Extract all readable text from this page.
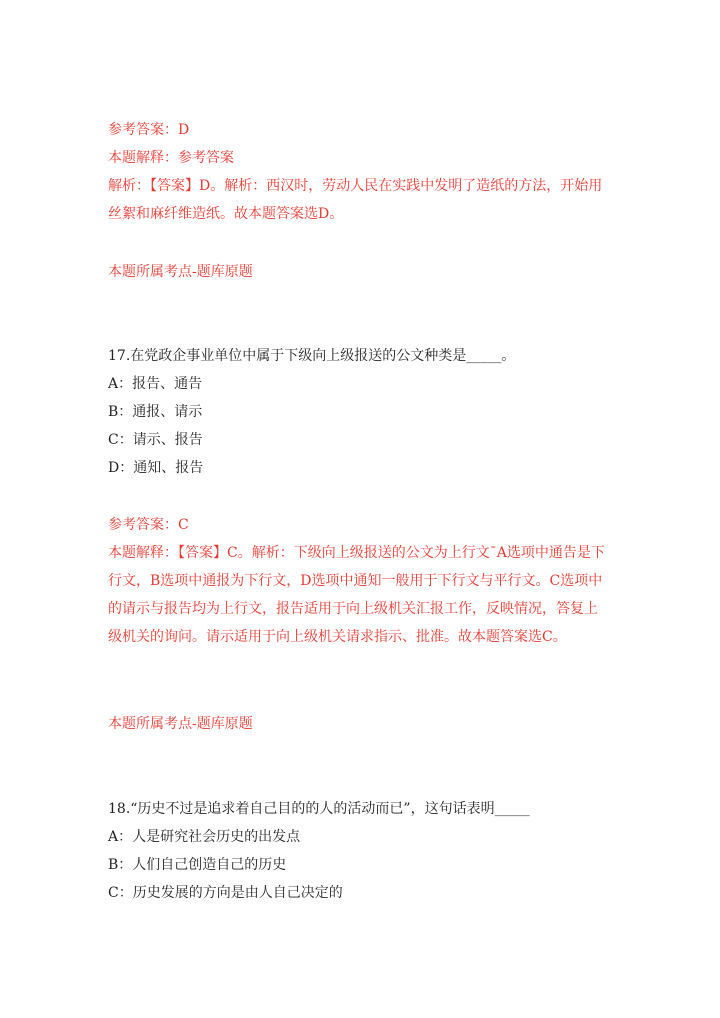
参考答案：D
本题解释：参考答案
解析：【答案】D。解析：西汉时，劳动人民在实践中发明了造纸的方法，开始用丝絮和麻纤维造纸。故本题答案选D。
本题所属考点-题库原题
17.在党政企事业单位中属于下级向上级报送的公文种类是_____。
A：报告、通告
B：通报、请示
C：请示、报告
D：通知、报告
参考答案：C
本题解释：【答案】C。解析：下级向上级报送的公文为上行文ˉA选项中通告是下行文，B选项中通报为下行文，D选项中通知一般用于下行文与平行文。C选项中的请示与报告均为上行文，报告适用于向上级机关汇报工作，反映情况，答复上级机关的询问。请示适用于向上级机关请求指示、批准。故本题答案选C。
本题所属考点-题库原题
18.“历史不过是追求着自己目的的人的活动而已”，这句话表明_____
A：人是研究社会历史的出发点
B：人们自己创造自己的历史
C：历史发展的方向是由人自己决定的
